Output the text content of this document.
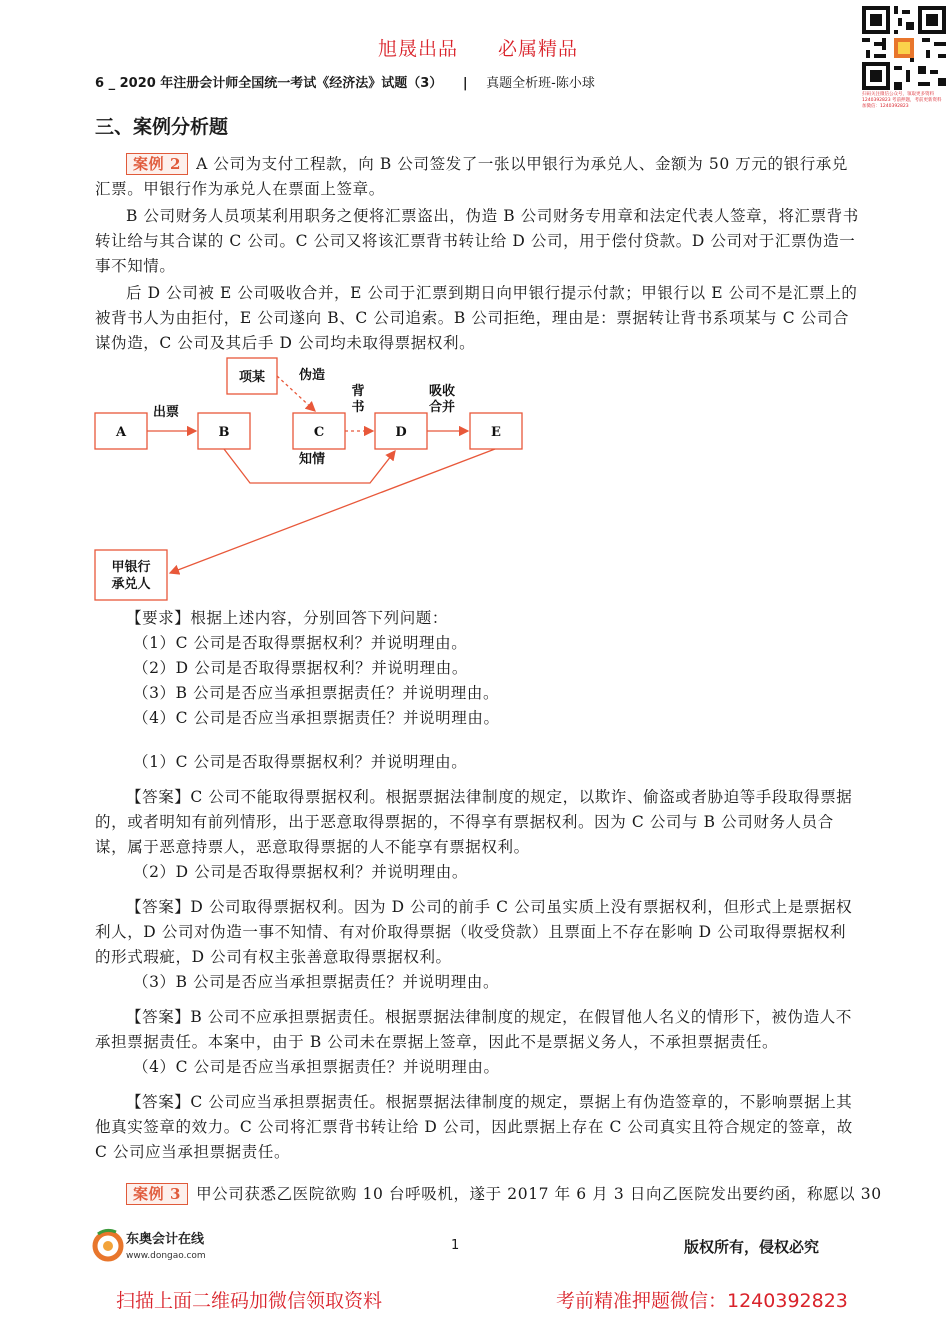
扫码关注微信公众号，领取更多资料 1240392823 考前押题，考前更新资料加微信：1240392823
旭晟出品 必属精品
6 _ 2020 年注册会计师全国统一考试《经济法》试题（3） | 真题全析班-陈小球
三、案例分析题

案例 2 A 公司为支付工程款，向 B 公司签发了一张以甲银行为承兑人、金额为 50 万元的银行承兑汇票。甲银行作为承兑人在票面上签章。

B 公司财务人员项某利用职务之便将汇票盗出，伪造 B 公司财务专用章和法定代表人签章，将汇票背书转让给与其合谋的 C 公司。C 公司又将该汇票背书转让给 D 公司，用于偿付贷款。D 公司对于汇票伪造一事不知情。

后 D 公司被 E 公司吸收合并，E 公司于汇票到期日向甲银行提示付款；甲银行以 E 公司不是汇票上的被背书人为由拒付，E 公司遂向 B、C 公司追索。B 公司拒绝，理由是：票据转让背书系项某与 C 公司合谋伪造，C 公司及其后手 D 公司均未取得票据权利。

A	B	C	D	E
项某
甲银行
承兑人
出票
伪造
背
书
吸收
合并
知情

【要求】根据上述内容，分别回答下列问题：

（1）C 公司是否取得票据权利？并说明理由。

（2）D 公司是否取得票据权利？并说明理由。

（3）B 公司是否应当承担票据责任？并说明理由。

（4）C 公司是否应当承担票据责任？并说明理由。

（1）C 公司是否取得票据权利？并说明理由。

【答案】C 公司不能取得票据权利。根据票据法律制度的规定，以欺诈、偷盗或者胁迫等手段取得票据的，或者明知有前列情形，出于恶意取得票据的，不得享有票据权利。因为 C 公司与 B 公司财务人员合谋，属于恶意持票人，恶意取得票据的人不能享有票据权利。

（2）D 公司是否取得票据权利？并说明理由。

【答案】D 公司取得票据权利。因为 D 公司的前手 C 公司虽实质上没有票据权利，但形式上是票据权利人，D 公司对伪造一事不知情、有对价取得票据（收受贷款）且票面上不存在影响 D 公司取得票据权利的形式瑕疵，D 公司有权主张善意取得票据权利。

（3）B 公司是否应当承担票据责任？并说明理由。

【答案】B 公司不应承担票据责任。根据票据法律制度的规定，在假冒他人名义的情形下，被伪造人不承担票据责任。本案中，由于 B 公司未在票据上签章，因此不是票据义务人，不承担票据责任。

（4）C 公司是否应当承担票据责任？并说明理由。

【答案】C 公司应当承担票据责任。根据票据法律制度的规定，票据上有伪造签章的，不影响票据上其他真实签章的效力。C 公司将汇票背书转让给 D 公司，因此票据上存在 C 公司真实且符合规定的签章，故 C 公司应当承担票据责任。

案例 3 甲公司获悉乙医院欲购 10 台呼吸机，遂于 2017 年 6 月 3 日向乙医院发出要约函，称愿以 30

东奥会计在线
www.dongao.com
1	版权所有，侵权必究
扫描上面二维码加微信领取资料	考前精准押题微信：1240392823
